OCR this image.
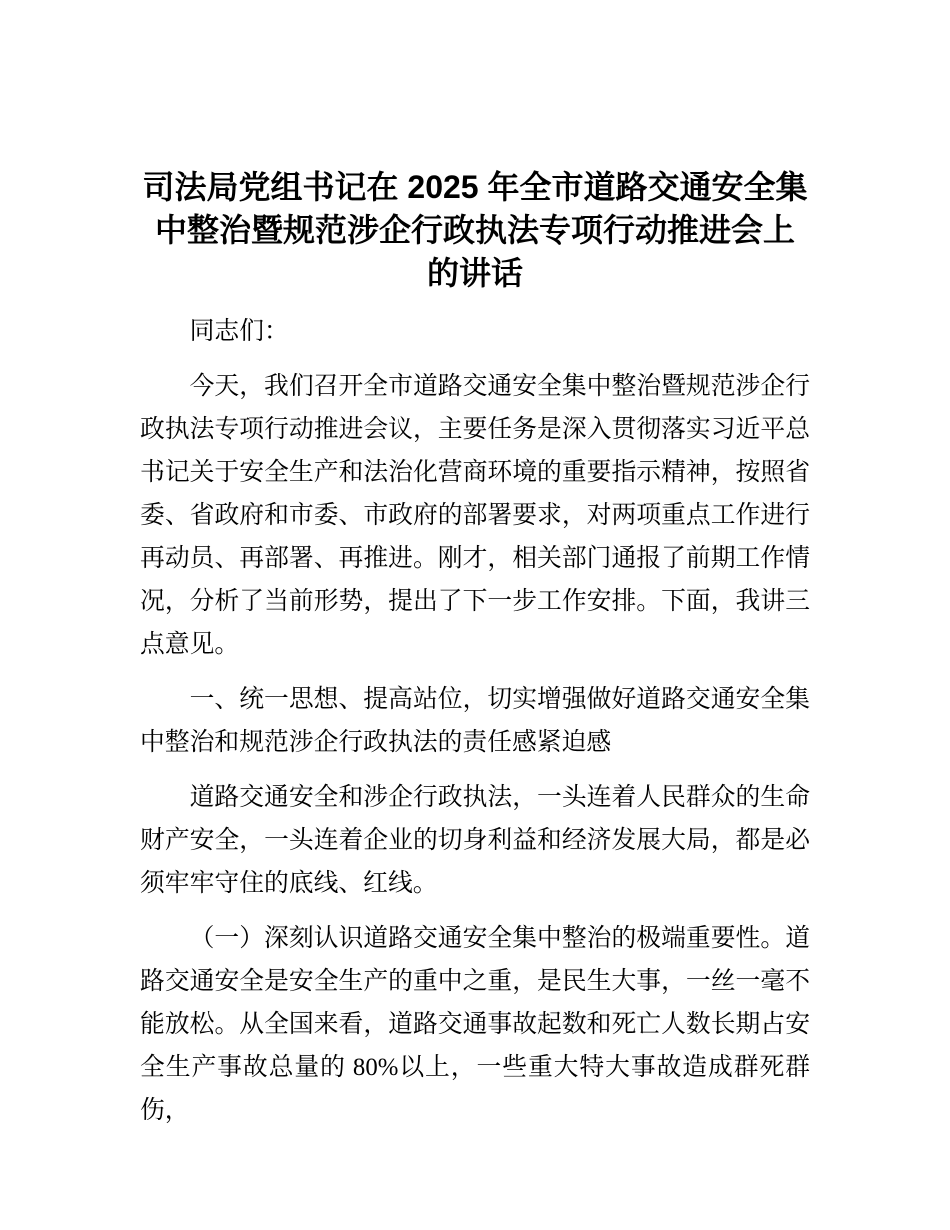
司法局党组书记在 2025 年全市道路交通安全集中整治暨规范涉企行政执法专项行动推进会上的讲话

同志们：

今天，我们召开全市道路交通安全集中整治暨规范涉企行政执法专项行动推进会议，主要任务是深入贯彻落实习近平总书记关于安全生产和法治化营商环境的重要指示精神，按照省委、省政府和市委、市政府的部署要求，对两项重点工作进行再动员、再部署、再推进。刚才，相关部门通报了前期工作情况，分析了当前形势，提出了下一步工作安排。下面，我讲三点意见。

一、统一思想、提高站位，切实增强做好道路交通安全集中整治和规范涉企行政执法的责任感紧迫感

道路交通安全和涉企行政执法，一头连着人民群众的生命财产安全，一头连着企业的切身利益和经济发展大局，都是必须牢牢守住的底线、红线。

（一）深刻认识道路交通安全集中整治的极端重要性。道路交通安全是安全生产的重中之重，是民生大事，一丝一毫不能放松。从全国来看，道路交通事故起数和死亡人数长期占安全生产事故总量的 80%以上，一些重大特大事故造成群死群伤，
